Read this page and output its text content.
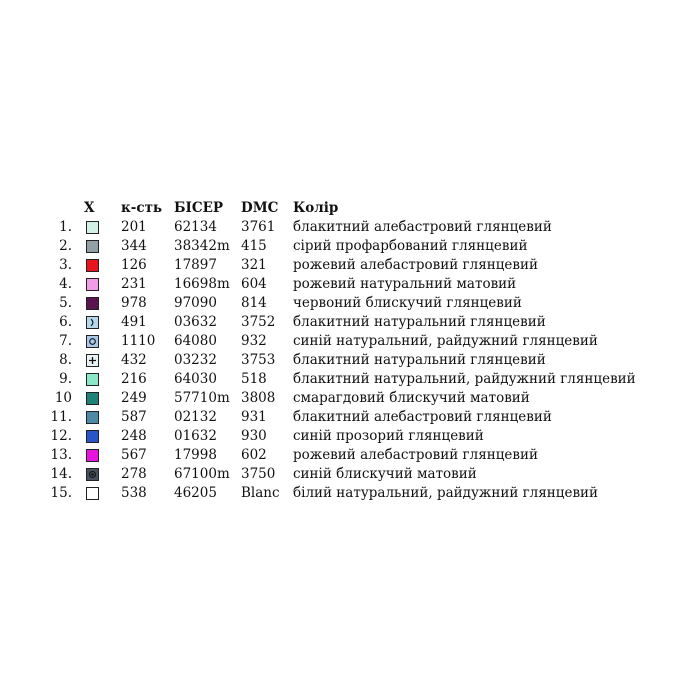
X к-сть БІСЕР DMC Колір
1.	201 62134 3761 блакитний алебастровий глянцевий
2.	344 38342m 415 сірий профарбований глянцевий
3.	126 17897 321 рожевий алебастровий глянцевий
4.	231 16698m 604 рожевий натуральний матовий
5.	978 97090 814 червоний блискучий глянцевий
6.	491 03632 3752 блакитний натуральний глянцевий
7.	1110 64080 932 синій натуральний, райдужний глянцевий
8.	432 03232 3753 блакитний натуральний глянцевий
9.	216 64030 518 блакитний натуральний, райдужний глянцевий
10	249 57710m 3808 смарагдовий блискучий матовий
11.	587 02132 931 блакитний алебастровий глянцевий
12.	248 01632 930 синій прозорий глянцевий
13.	567 17998 602 рожевий алебастровий глянцевий
14.	278 67100m 3750 синій блискучий матовий
15.	538 46205 Blanc білий натуральний, райдужний глянцевий
